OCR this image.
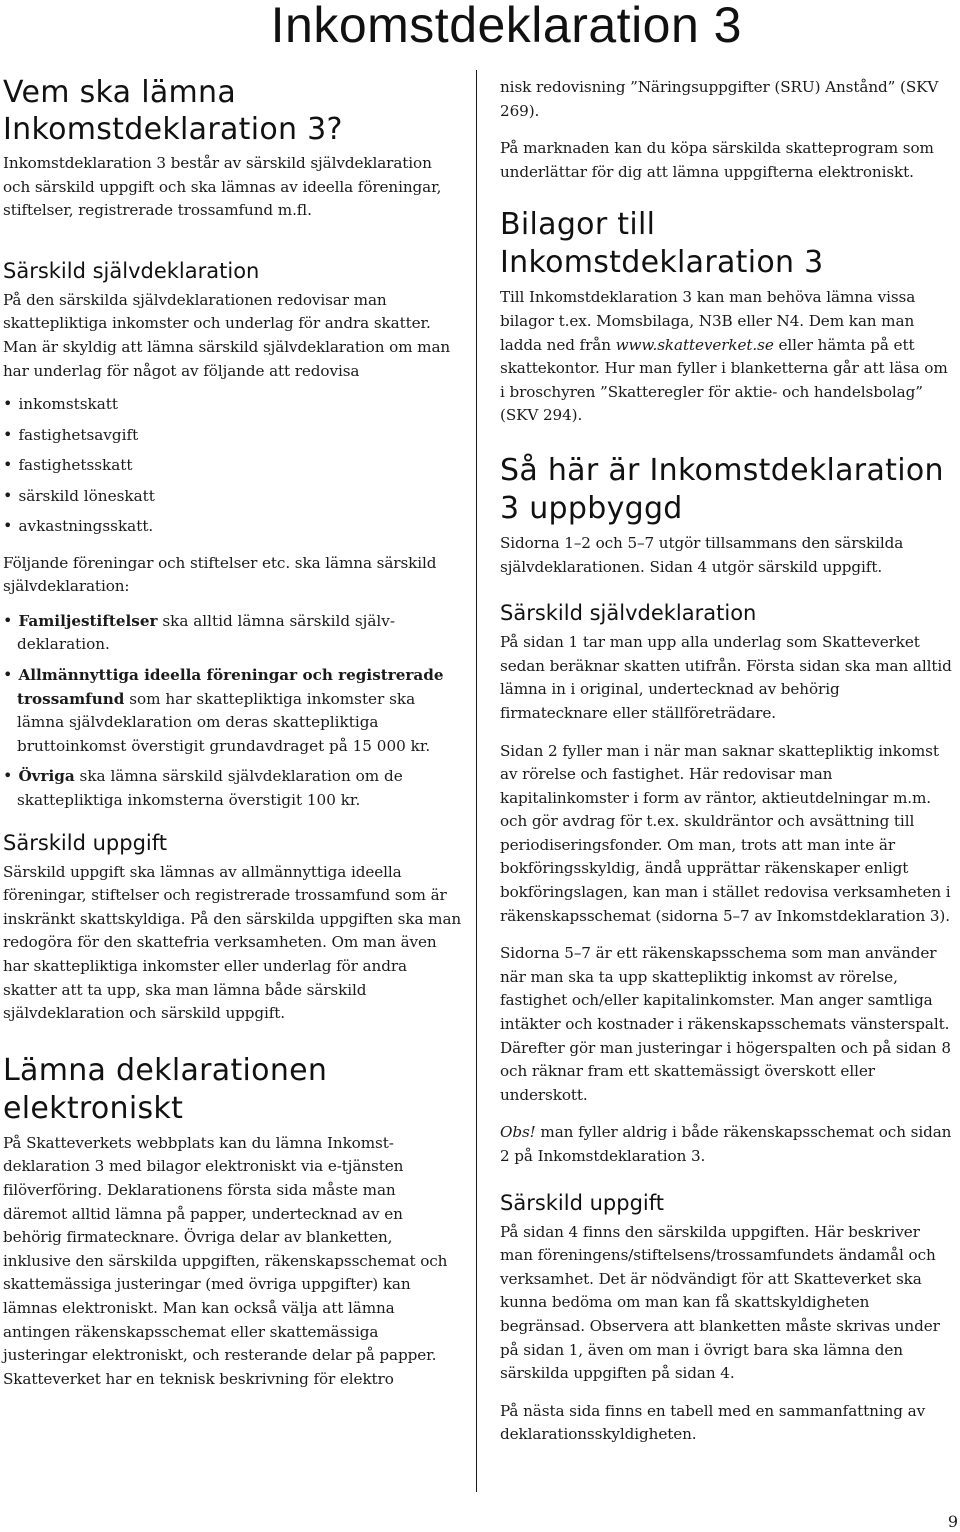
Inkomstdeklaration 3
Vem ska lämna Inkomstdeklaration 3?

Inkomstdeklaration 3 består av särskild självdeklaration och särskild uppgift och ska lämnas av ideella föreningar, stiftelser, registrerade trossamfund m.fl.

Särskild självdeklaration

På den särskilda självdeklarationen redovisar man skattepliktiga inkomster och underlag för andra skatter. Man är skyldig att lämna särskild självdeklaration om man har underlag för något av följande att redovisa

• inkomstskatt
• fastighetsavgift
• fastighetsskatt
• särskild löneskatt
• avkastningsskatt.

Följande föreningar och stiftelser etc. ska lämna särskild självdeklaration:

• Familjestiftelser ska alltid lämna särskild självdeklaration.
• Allmännyttiga ideella föreningar och registrerade trossamfund som har skattepliktiga inkomster ska lämna självdeklaration om deras skattepliktiga bruttoinkomst överstigit grundavdraget på 15 000 kr.
• Övriga ska lämna särskild självdeklaration om de skattepliktiga inkomsterna överstigit 100 kr.
Särskild uppgift

Särskild uppgift ska lämnas av allmännyttiga ideella föreningar, stiftelser och registrerade trossamfund som är inskränkt skattskyldiga. På den särskilda uppgiften ska man redogöra för den skattefria verksamheten. Om man även har skattepliktiga inkomster eller underlag för andra skatter att ta upp, ska man lämna både särskild självdeklaration och särskild uppgift.

Lämna deklarationen elektroniskt

På Skatteverkets webbplats kan du lämna Inkomstdeklaration 3 med bilagor elektroniskt via e-tjänsten filöverföring. Deklarationens första sida måste man däremot alltid lämna på papper, undertecknad av en behörig firmatecknare. Övriga delar av blanketten, inklusive den särskilda uppgiften, räkenskapsschemat och skattemässiga justeringar (med övriga uppgifter) kan lämnas elektroniskt. Man kan också välja att lämna antingen räkenskapsschemat eller skattemässiga justeringar elektroniskt, och resterande delar på papper. Skatteverket har en teknisk beskrivning för elektro

nisk redovisning ”Näringsuppgifter (SRU) Anstånd” (SKV 269).

På marknaden kan du köpa särskilda skatteprogram som underlättar för dig att lämna uppgifterna elektroniskt.

Bilagor till Inkomstdeklaration 3

Till Inkomstdeklaration 3 kan man behöva lämna vissa bilagor t.ex. Momsbilaga, N3B eller N4. Dem kan man ladda ned från www.skatteverket.se eller hämta på ett skattekontor. Hur man fyller i blanketterna går att läsa om i broschyren ”Skatteregler för aktie- och handelsbolag” (SKV 294).

Så här är Inkomstdeklaration 3 uppbyggd

Sidorna 1–2 och 5–7 utgör tillsammans den särskilda självdeklarationen. Sidan 4 utgör särskild uppgift.

Särskild självdeklaration

På sidan 1 tar man upp alla underlag som Skatteverket sedan beräknar skatten utifrån. Första sidan ska man alltid lämna in i original, undertecknad av behörig firmatecknare eller ställföreträdare.

Sidan 2 fyller man i när man saknar skattepliktig inkomst av rörelse och fastighet. Här redovisar man kapitalinkomster i form av räntor, aktieutdelningar m.m. och gör avdrag för t.ex. skuldräntor och avsättning till periodiseringsfonder. Om man, trots att man inte är bokföringsskyldig, ändå upprättar räkenskaper enligt bokföringslagen, kan man i stället redovisa verksamheten i räkenskapsschemat (sidorna 5–7 av Inkomstdeklaration 3).

Sidorna 5–7 är ett räkenskapsschema som man använder när man ska ta upp skattepliktig inkomst av rörelse, fastighet och/eller kapitalinkomster. Man anger samtliga intäkter och kostnader i räkenskapsschemats vänsterspalt. Därefter gör man justeringar i högerspalten och på sidan 8 och räknar fram ett skattemässigt överskott eller underskott.

Obs! man fyller aldrig i både räkenskapsschemat och sidan 2 på Inkomstdeklaration 3.

Särskild uppgift

På sidan 4 finns den särskilda uppgiften. Här beskriver man föreningens/stiftelsens/trossamfundets ändamål och verksamhet. Det är nödvändigt för att Skatteverket ska kunna bedöma om man kan få skattskyldigheten begränsad. Observera att blanketten måste skrivas under på sidan 1, även om man i övrigt bara ska lämna den särskilda uppgiften på sidan 4.

På nästa sida finns en tabell med en sammanfattning av deklarationsskyldigheten.

9
